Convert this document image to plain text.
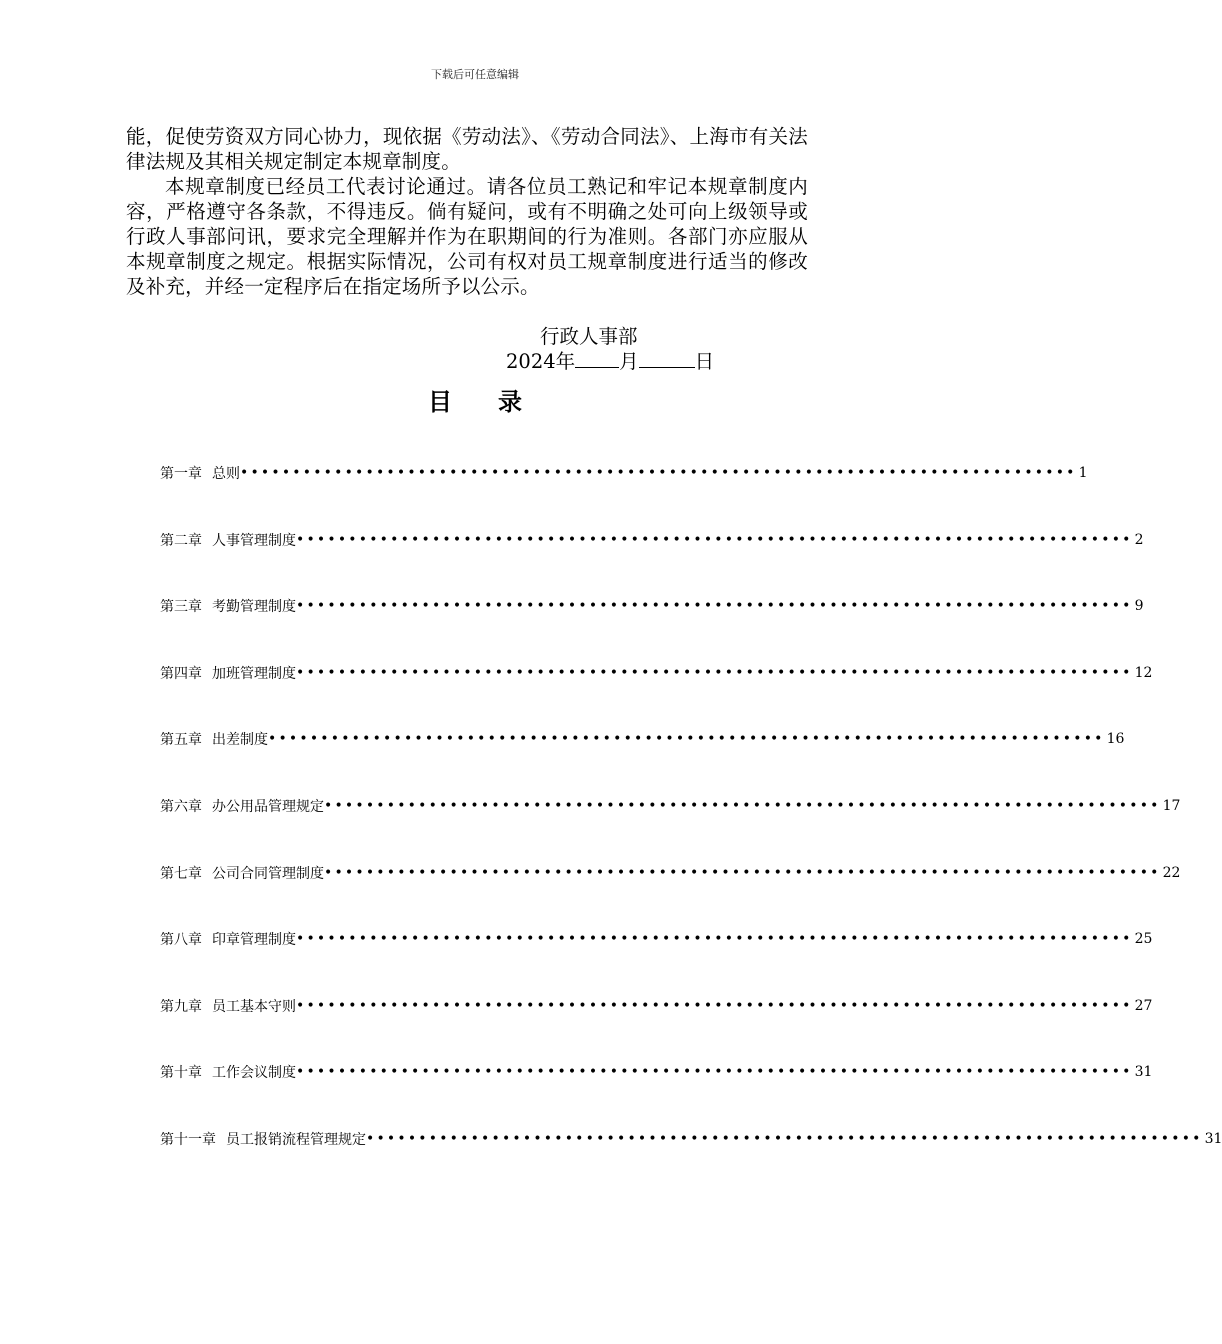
下载后可任意编辑

能，促使劳资双方同心协力，现依据《劳动法》、《劳动合同法》、上海市有关法律法规及其相关规定制定本规章制度。

本规章制度已经员工代表讨论通过。请各位员工熟记和牢记本规章制度内容，严格遵守各条款，不得违反。倘有疑问，或有不明确之处可向上级领导或行政人事部问讯，要求完全理解并作为在职期间的行为准则。各部门亦应服从本规章制度之规定。根据实际情况，公司有权对员工规章制度进行适当的修改及补充，并经一定程序后在指定场所予以公示。

行政人事部
2024年 月	日
目录
第一章 总则 •••••••••••••••••••••••••••••••••••••••••••••••••••••••••••••••••••••••••••••••• 1
第二章 人事管理制度 •••••••••••••••••••••••••••••••••••••••••••••••••••••••••••••••••••••••••••••••• 2
第三章 考勤管理制度 •••••••••••••••••••••••••••••••••••••••••••••••••••••••••••••••••••••••••••••••• 9
第四章 加班管理制度 •••••••••••••••••••••••••••••••••••••••••••••••••••••••••••••••••••••••••••••••• 12
第五章 出差制度 •••••••••••••••••••••••••••••••••••••••••••••••••••••••••••••••••••••••••••••••• 16
第六章 办公用品管理规定 •••••••••••••••••••••••••••••••••••••••••••••••••••••••••••••••••••••••••••••••• 17
第七章 公司合同管理制度 •••••••••••••••••••••••••••••••••••••••••••••••••••••••••••••••••••••••••••••••• 22
第八章 印章管理制度 •••••••••••••••••••••••••••••••••••••••••••••••••••••••••••••••••••••••••••••••• 25
第九章 员工基本守则 •••••••••••••••••••••••••••••••••••••••••••••••••••••••••••••••••••••••••••••••• 27
第十章 工作会议制度 •••••••••••••••••••••••••••••••••••••••••••••••••••••••••••••••••••••••••••••••• 31
第十一章 员工报销流程管理规定 •••••••••••••••••••••••••••••••••••••••••••••••••••••••••••••••••••••••••••••••• 31
